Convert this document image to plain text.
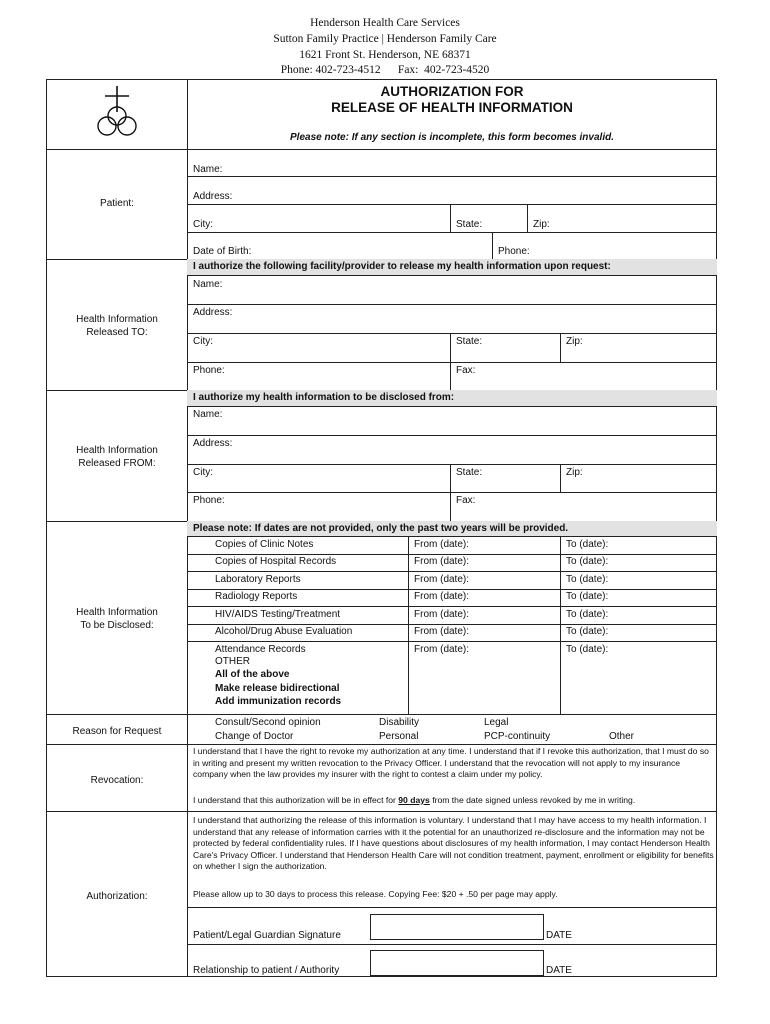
Henderson Health Care Services
Sutton Family Practice | Henderson Family Care
1621 Front St. Henderson, NE 68371
Phone: 402-723-4512      Fax:  402-723-4520
AUTHORIZATION FOR
RELEASE OF HEALTH INFORMATION
Please note: If any section is incomplete, this form becomes invalid.
Patient:
Name:
Address:
City:	State:	Zip:
Date of Birth:	Phone:
I authorize the following facility/provider to release my health information upon request:
Health Information
Released TO:
Name:
Address:
City:	State:	Zip:
Phone:	Fax:
I authorize my health information to be disclosed from:
Health Information
Released FROM:
Name:
Address:
City:	State:	Zip:
Phone:	Fax:
Please note: If dates are not provided, only the past two years will be provided.
Health Information
To be Disclosed:
Copies of Clinic Notes	From (date):	To (date):
Copies of Hospital Records	From (date):	To (date):
Laboratory Reports	From (date):	To (date):
Radiology Reports	From (date):	To (date):
HIV/AIDS Testing/Treatment	From (date):	To (date):
Alcohol/Drug Abuse Evaluation	From (date):	To (date):
Attendance Records	From (date):	To (date):
OTHER
All of the above
Make release bidirectional
Add immunization records
Reason for Request
Consult/Second opinion	Disability	Legal
Change of Doctor	Personal	PCP-continuity	Other
Revocation:
I understand that I have the right to revoke my authorization at any time. I understand that if I revoke this authorization, that I must do so in writing and present my written revocation to the Privacy Officer. I understand that the revocation will not apply to my insurance company when the law provides my insurer with the right to contest a claim under my policy.
I understand that this authorization will be in effect for 90 days from the date signed unless revoked by me in writing.
Authorization:
I understand that authorizing the release of this information is voluntary. I understand that I may have access to my health information. I understand that any release of information carries with it the potential for an unauthorized re-disclosure and the information may not be protected by federal confidentiality rules. If I have questions about disclosures of my health information, I may contact Henderson Health Care's Privacy Officer. I understand that Henderson Health Care will not condition treatment, payment, enrollment or eligibility for benefits on whether I sign the authorization.
Please allow up to 30 days to process this release. Copying Fee: $20 + .50 per page may apply.
Patient/Legal Guardian Signature	DATE
Relationship to patient / Authority	DATE
